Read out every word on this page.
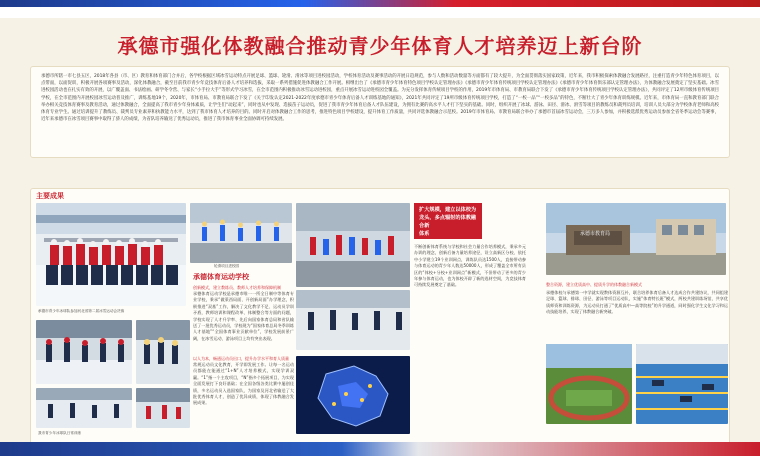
承德市强化体教融合推动青少年体育人才培养迈上新台阶
承德市所辖一市七县五区，2018年各县（市、区）教育和体育部门合并后，各学校根据区域冰雪运动特点开展足球、篮球、轮滑、滑冰等项目进校园活动，学校体育活动及赛事活动的开展日趋规范，参与人数和活动数量等方面都有了较大提升，为全面贯彻落实国家政策，近年来，我市积极探索体教融合发展路径，注重打造青少年特色体育项目，以点带面，以面促训，积极开展各项赛事及活动，深化体教融合，截至目前我市青少年竞技体育后备人才培养和选拔，采取一系列措施促进体教融合工作开展。相继出台了《承德市青少年体育特色项目学校认定管理办法》《承德市青少年体育传统项目学校认定管理办法》《承德市青少年体育俱乐部认定管理办法》，为体教融合发展奠定了坚实基础。冰雪进校园活动也在扎实有效的开展，以广覆盖面、书法绘画、研学冬令营、与家长“小手拉大手”等形式学习冰雪，在全市范围内积极推动冰雪运动进校园，重点开展冰雪运动进校园全覆盖。为充分发挥体育传统项目学校的作用，2019年市体育局、市教育局联合下发了《承德市青少年体育传统项目学校认定管理办法》，共同评定了12所市级体育传统项目学校，在全市范围内开展校园冰雪运动普及推广，训练基地19个，2020年，市体育局、市教育局联合下发了《关于印发认定2021-2022年度承德市青少年体育后备人才训练基地的通知》，2021年共同评定了19所市级体育传统项目学校，打造了“一校一品”“一校多品”的特色，不断壮大了青少年体育训练规模。近年来，市体育局一直和教育部门联合举办相关竞技体育赛事及教育活动，通过体教融合，全面提高了我市青少年身体素质，让学生们“动起来”，同时也从中发现、选拔苗子运动员，促进了我市青少年体育后备人才队伍建设，为拥有比赛的高水平人才打下坚实的基础。同时，组织开展了冰球、游泳、田径、滑冰、滑雪等项目的教练员和裁判员培训，培训人员大部分为学校体育老师和高校体育专业学生。通过培训提升了教练员、裁判员专业素养和执教能力水平，达到了我市体育人才培养的目的。同时开启对体教融合工作的思考，推进特色项目学校建设，提升体育工作质量，共同评选体教融合示范校。2019年市体育局、市教育局联合举办了承德市首届冰雪运动会，三万多人参加，并积极选派优秀运动员参加全省冬季运动会等赛事，近年来承德市在冰雪项目赛事中取得了骄人的成绩，为省队培养输送了优秀运动员，推进了我市体育事业全面协调可持续发展。
主要成果
承德市青少年冰球队参加河北省第二届冰雪运动会决赛
轮滑项目进校园
承德体育运动学校
创新模式，建立教练员、教师人才培养和保障机制
承德体育运动学校是承德市唯一一所全日制中等体育专业学校，秉承“做莱西局面、开创新局面”办学理念，积极推进“双基”工作，解决了文化教学不足、运动员学训矛盾，教师培训和课程改革、体制整合等方面的问题，学校实现了人才升学率、先后向国家体育总局和省队输送了一批优秀运动员，学校现为“国家体育总局冬季训练人才基地”“全国体育事业贡献单位”，学校发展前景广阔，在冰雪运动、游泳项目上均有突出表现。
以人为本，畅通运动员出口，提升办学水平和育人质量
常规运动员文化教育，开学即发展工作。让每一名运动员都能在能通过“1+N”人才培养模式，实现学训双赢。“1”指一个主攻项目，“N”指多个拓展项目，为实现全面发展打下良好基础；在全国各级各类比赛中屡创佳绩，多名运动员入选国家队，为国家及河北省输送了大批优秀体育人才，创造了优异成绩，体现了体教融合发展成果。
我市青少年冰球队日常训练
扩大规模，建立以体校为
龙头、多点辐射的体教融合新
体系
不断创新体育系统与学校和社会力量合作培养模式，秉承多元办训的理念，创新后备力量培养途径，设立高新区分校、依托中小学建立19个业训网点，训练队员达1500人，直接带动参与体育运动的青少年人数达50000人，形成了覆盖全市所有县区的“体校+分校+业训网点”新模式，不但带动了更多的青少年参与体育运动，也为体校开辟了新的选材空间，为竞技体育可持续发展奠定了基础。
承德市教育局
整合资源，建立优质高中、提质升学的体教融合新模式
承德体校与承德第一中学就实现教体资源互补，联合培养体育后备人才达成合作共建协议，共同组建足球、篮球、排球、田径、游泳等项目运动队，实施“体育特长班”模式，两校共建训练场馆，共享优质师资和训练资源，为运动员打通了“优质高中—高等院校”的升学通道，同时强化学生文化学习和运动技能培养，实现了体教融合新突破。
